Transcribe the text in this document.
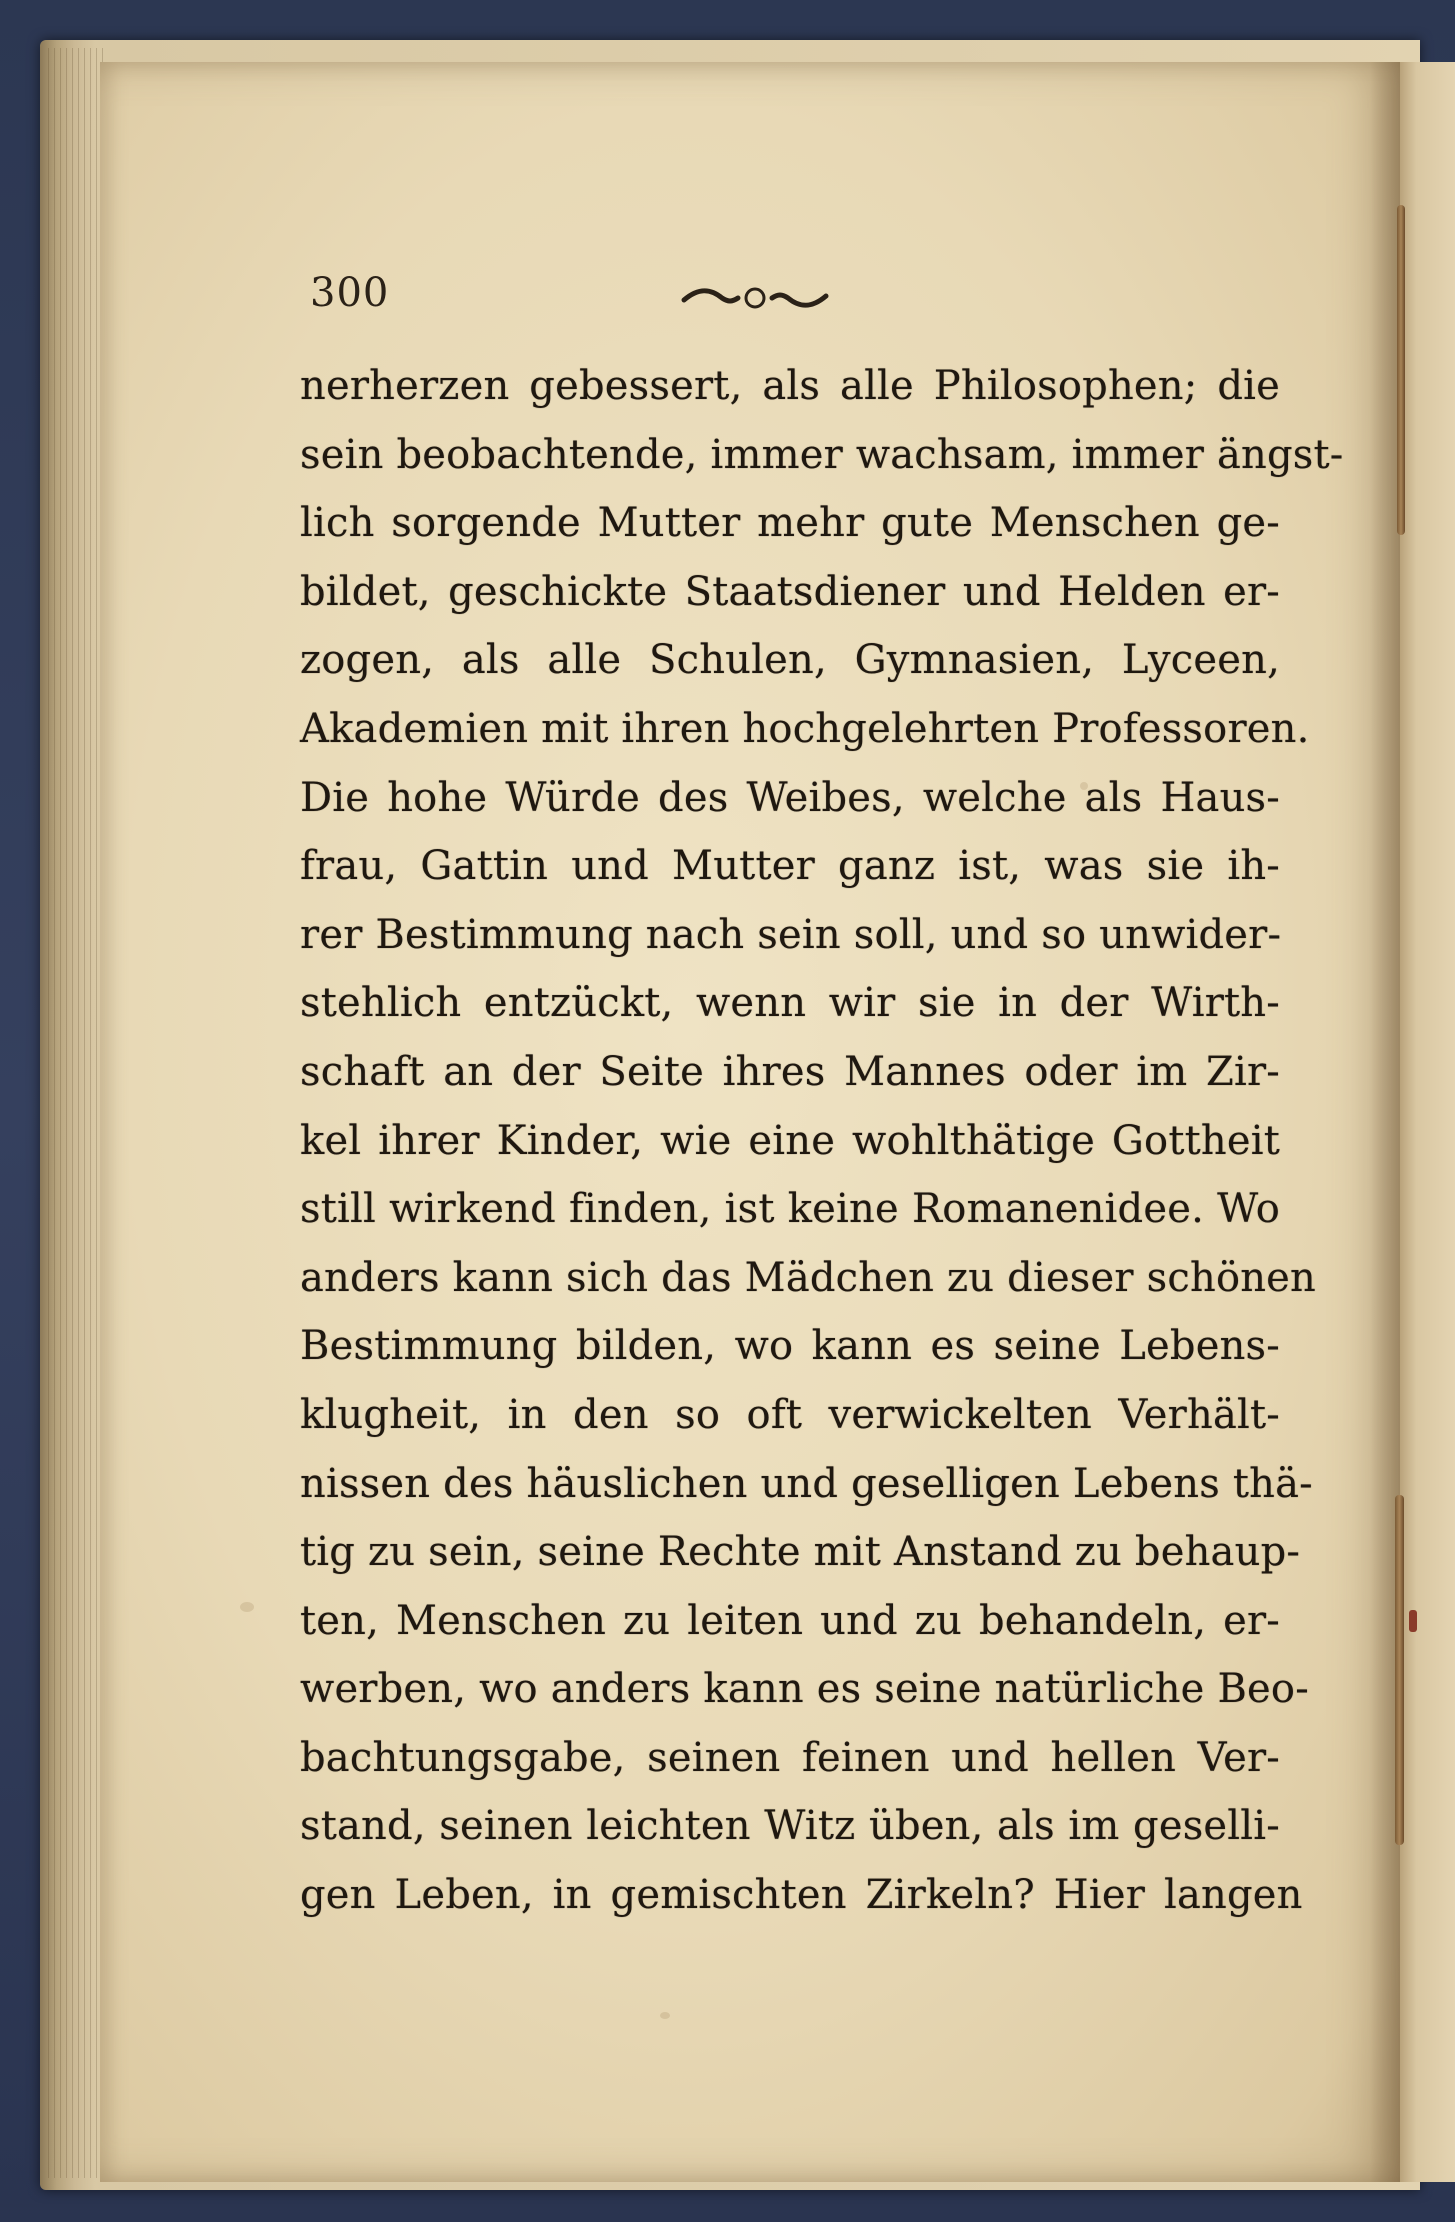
300
nerherzen gebessert, als alle Philosophen; die
sein beobachtende, immer wachsam, immer ängst-
lich sorgende Mutter mehr gute Menschen ge-
bildet, geschickte Staatsdiener und Helden er-
zogen, als alle Schulen, Gymnasien, Lyceen,
Akademien mit ihren hochgelehrten Professoren.
Die hohe Würde des Weibes, welche als Haus-
frau, Gattin und Mutter ganz ist, was sie ih-
rer Bestimmung nach sein soll, und so unwider-
stehlich entzückt, wenn wir sie in der Wirth-
schaft an der Seite ihres Mannes oder im Zir-
kel ihrer Kinder, wie eine wohlthätige Gottheit
still wirkend finden, ist keine Romanenidee. Wo
anders kann sich das Mädchen zu dieser schönen
Bestimmung bilden, wo kann es seine Lebens-
klugheit, in den so oft verwickelten Verhält-
nissen des häuslichen und geselligen Lebens thä-
tig zu sein, seine Rechte mit Anstand zu behaup-
ten, Menschen zu leiten und zu behandeln, er-
werben, wo anders kann es seine natürliche Beo-
bachtungsgabe, seinen feinen und hellen Ver-
stand, seinen leichten Witz üben, als im geselli-
gen Leben, in gemischten Zirkeln? Hier langen
